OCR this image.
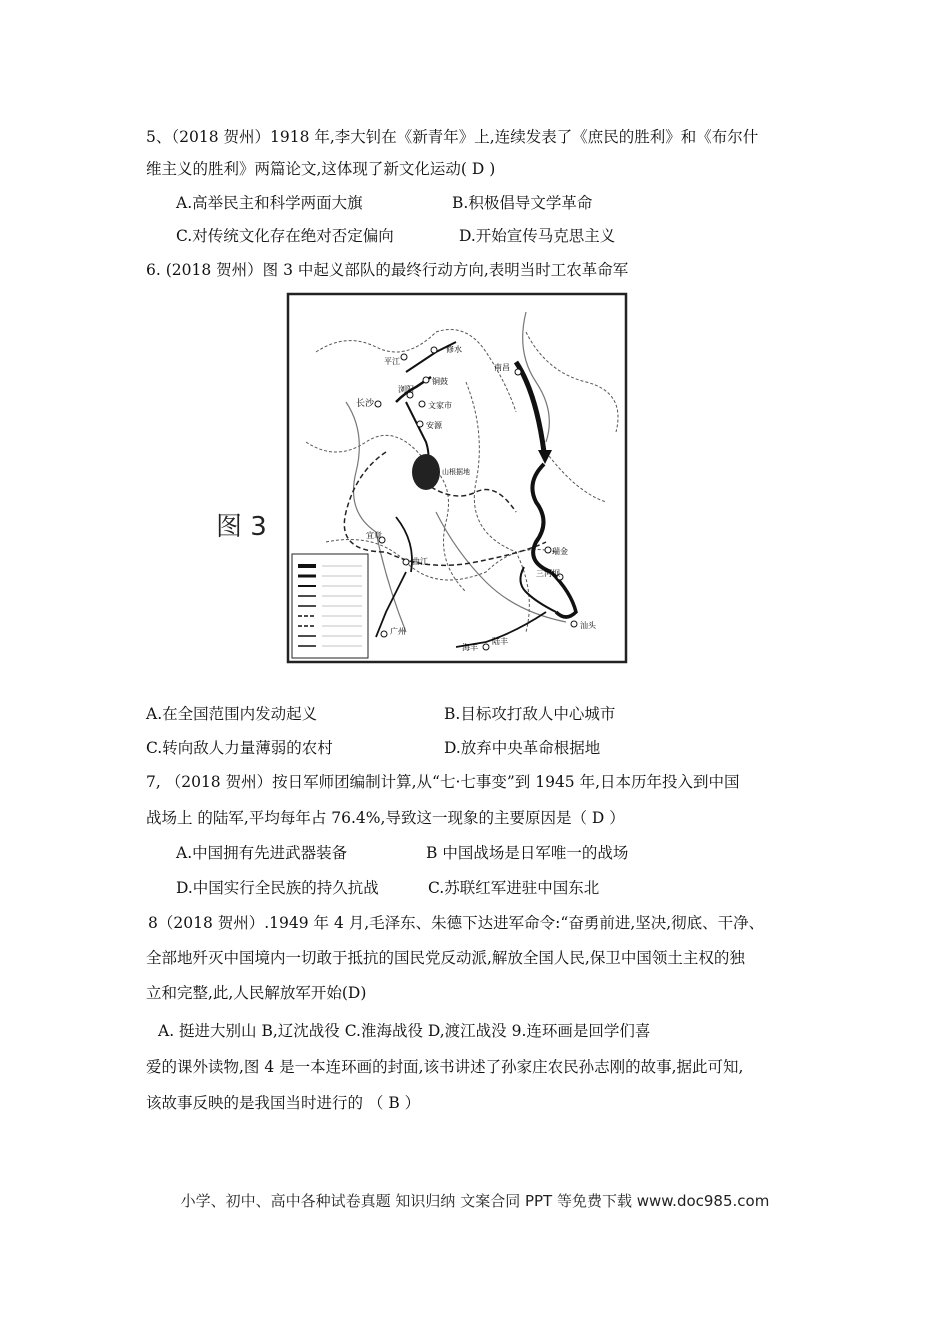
5、（2018 贺州）1918 年,李大钊在《新青年》上,连续发表了《庶民的胜利》和《布尔什
维主义的胜利》两篇论文,这体现了新文化运动( D )
A.高举民主和科学两面大旗	B.积极倡导文学革命
C.对传统文化存在绝对否定偏向	D.开始宣传马克思主义
6. (2018 贺州）图 3 中起义部队的最终行动方向,表明当时工农革命军
图 3
平江
修水
铜鼓
长沙
浏阳
文家市
安源
山根据地
南昌
瑞金
三河坝
汕头
宜章
曲江
广州
海丰
陆丰
A.在全国范围内发动起义	B.目标攻打敌人中心城市
C.转向敌人力量薄弱的农村	D.放弃中央革命根据地
7, （2018 贺州）按日军师团编制计算,从“七·七事变”到 1945 年,日本历年投入到中国
战场上 的陆军,平均每年占 76.4%,导致这一现象的主要原因是（ D ）
A.中国拥有先进武器装备	B 中国战场是日军唯一的战场
D.中国实行全民族的持久抗战	C.苏联红军进驻中国东北
8（2018 贺州）.1949 年 4 月,毛泽东、朱德下达进军命令:“奋勇前进,坚决,彻底、干净、
全部地歼灭中国境内一切敢于抵抗的国民党反动派,解放全国人民,保卫中国领土主权的独
立和完整,此,人民解放军开始(D)
A. 挺进大别山 B,辽沈战役 C.淮海战役 D,渡江战没 9.连环画是回学们喜
爱的课外读物,图 4 是一本连环画的封面,该书讲述了孙家庄农民孙志刚的故事,据此可知,
该故事反映的是我国当时进行的 （ B ）
小学、初中、高中各种试卷真题 知识归纳 文案合同 PPT 等免费下载 www.doc985.com
